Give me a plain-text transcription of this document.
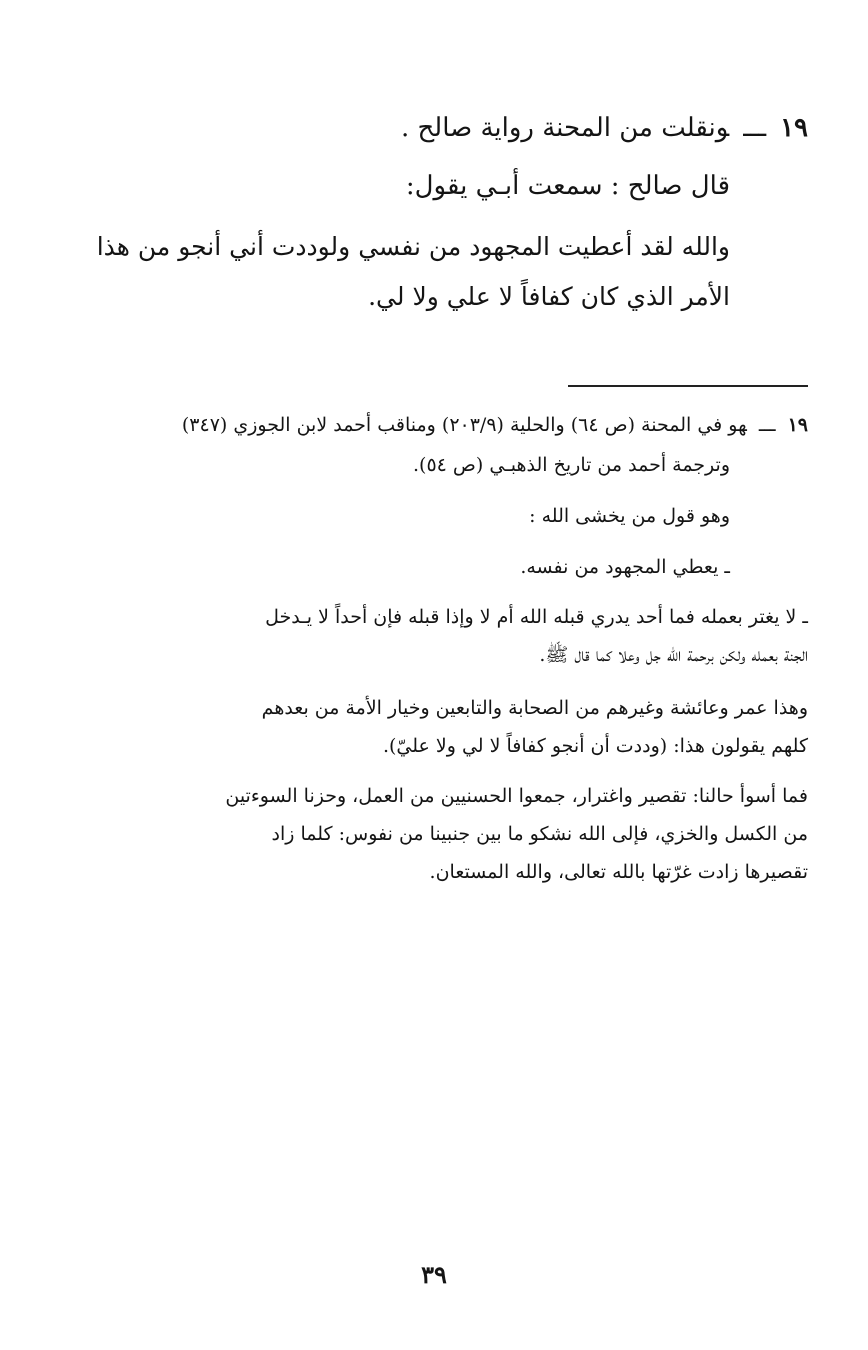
١٩ـــونقلت من المحنة رواية صالح .
قال صالح : سمعت أبـي يقول:
والله لقد أعطيت المجهود من نفسي ولوددت أني أنجو من هذا
الأمر الذي كان كفافاً لا علي ولا لي.
١٩ـــهو في المحنة (ص ٦٤) والحلية (٢٠٣/٩) ومناقب أحمد لابن الجوزي (٣٤٧)
وترجمة أحمد من تاريخ الذهبـي (ص ٥٤).
وهو قول من يخشى الله :
ـ يعطي المجهود من نفسه.
ـ لا يغتر بعمله فما أحد يدري قبله الله أم لا وإذا قبله فإن أحداً لا يـدخل
الجنة بعمله ولكن برحمة الله جل وعلا كما قال ﷺ.
وهذا عمر وعائشة وغيرهم من الصحابة والتابعين وخيار الأمة من بعدهم
كلهم يقولون هذا: (وددت أن أنجو كفافاً لا لي ولا عليّ).
فما أسوأ حالنا: تقصير واغترار، جمعوا الحسنيين من العمل، وحزنا السوءتين
من الكسل والخزي، فإلى الله نشكو ما بين جنبينا من نفوس: كلما زاد
تقصيرها زادت غرّتها بالله تعالى، والله المستعان.
٣٩
